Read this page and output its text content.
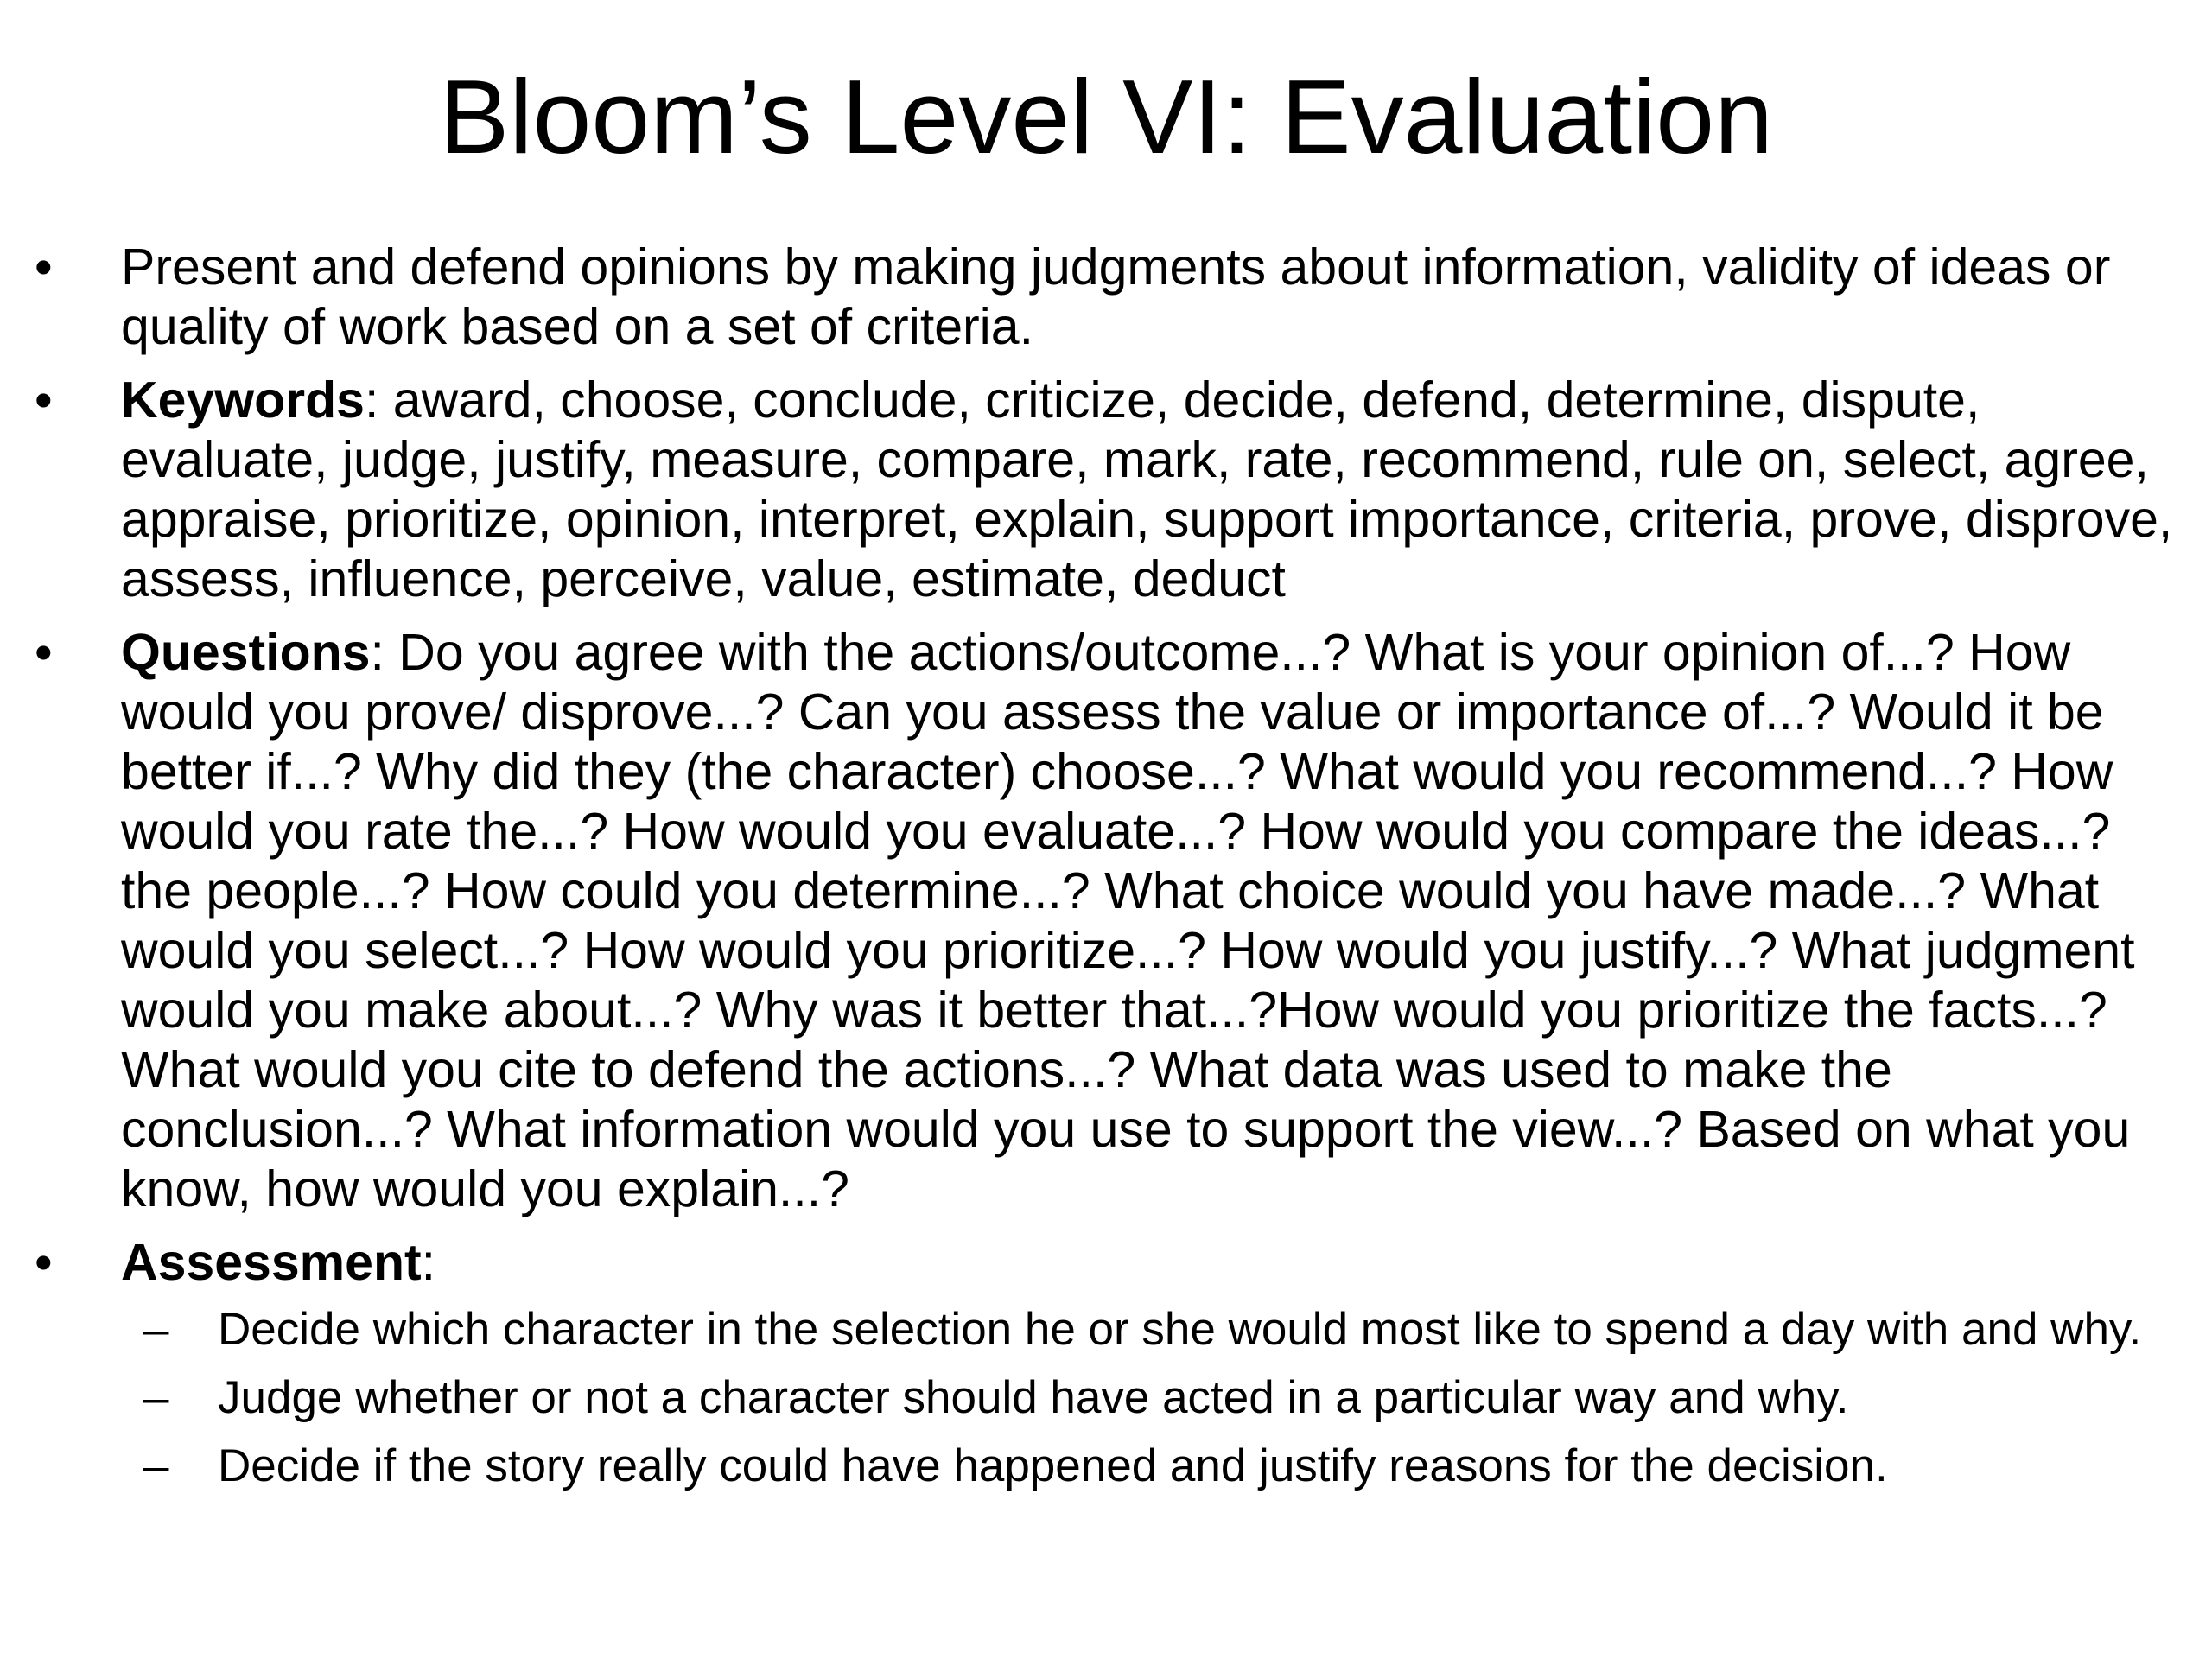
Bloom’s Level VI: Evaluation
•	Present and defend opinions by making judgments about information, validity of ideas or quality of work based on a set of criteria.
•	Keywords: award, choose, conclude, criticize, decide, defend, determine, dispute, evaluate, judge, justify, measure, compare, mark, rate, recommend, rule on, select, agree, appraise, prioritize, opinion, interpret, explain, support importance, criteria, prove, disprove, assess, influence, perceive, value, estimate, deduct
•	Questions: Do you agree with the actions/outcome...? What is your opinion of...? How would you prove/ disprove...? Can you assess the value or importance of...? Would it be better if...? Why did they (the character) choose...? What would you recommend...? How would you rate the...? How would you evaluate...? How would you compare the ideas...? the people...? How could you determine...? What choice would you have made...? What would you select...? How would you prioritize...? How would you justify...? What judgment would you make about...? Why was it better that...?How would you prioritize the facts...? What would you cite to defend the actions...? What data was used to make the conclusion...? What information would you use to support the view...? Based on what you know, how would you explain...?
•	Assessment:
– Decide which character in the selection he or she would most like to spend a day with and why.
– Judge whether or not a character should have acted in a particular way and why.
– Decide if the story really could have happened and justify reasons for the decision.
